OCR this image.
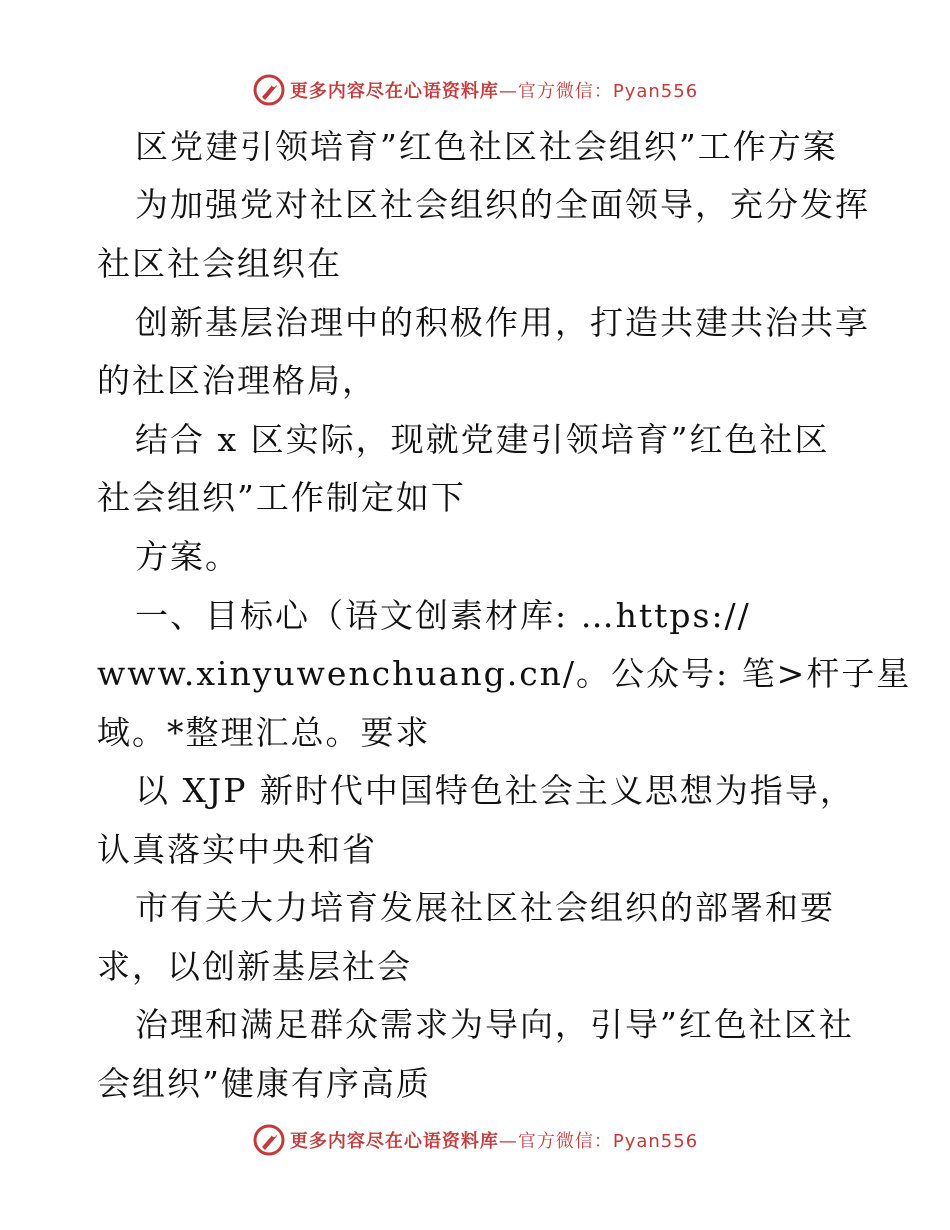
更多内容尽在心语资料库 —官方微信：Pyan556
区党建引领培育”红色社区社会组织”工作方案
为加强党对社区社会组织的全面领导，充分发挥
社区社会组织在
创新基层治理中的积极作用，打造共建共治共享
的社区治理格局，
结合 x 区实际，现就党建引领培育”红色社区
社会组织”工作制定如下
方案。
一、目标心（语文创素材库: …https://
www.xinyuwenchuang.cn/。公众号: 笔>杆子星
域。*整理汇总。要求
以 XJP 新时代中国特色社会主义思想为指导，
认真落实中央和省
市有关大力培育发展社区社会组织的部署和要
求，以创新基层社会
治理和满足群众需求为导向，引导”红色社区社
会组织”健康有序高质
更多内容尽在心语资料库 —官方微信：Pyan556
